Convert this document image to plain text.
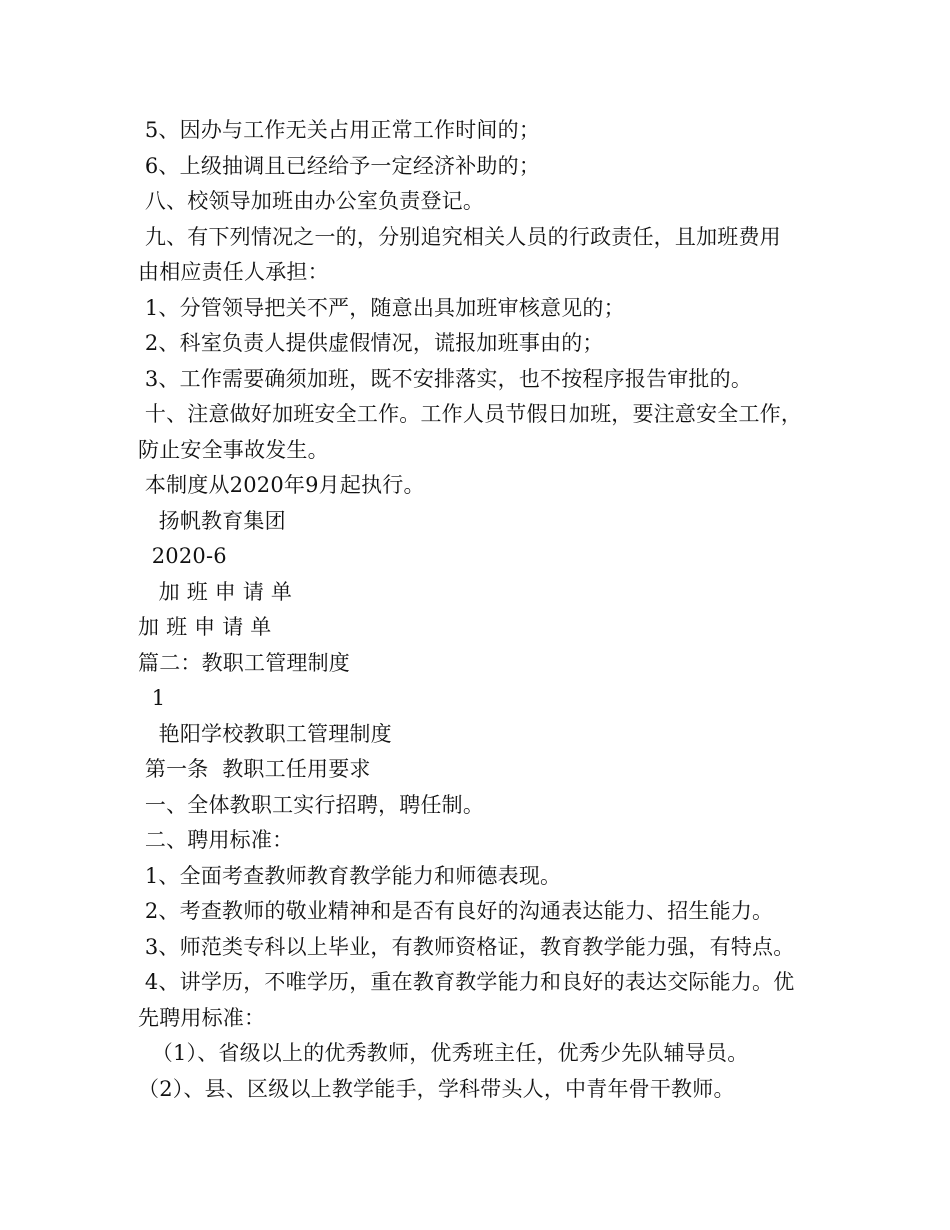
5、因办与工作无关占用正常工作时间的；
6、上级抽调且已经给予一定经济补助的；
八、校领导加班由办公室负责登记。
九、有下列情况之一的，分别追究相关人员的行政责任，且加班费用
由相应责任人承担：
1、分管领导把关不严，随意出具加班审核意见的；
2、科室负责人提供虚假情况，谎报加班事由的；
3、工作需要确须加班，既不安排落实，也不按程序报告审批的。
十、注意做好加班安全工作。工作人员节假日加班，要注意安全工作，
防止安全事故发生。
本制度从2020年9月起执行。
扬帆教育集团
2020-6
加 班 申 请 单
加 班 申 请 单
篇二：教职工管理制度
1
艳阳学校教职工管理制度
第一条  教职工任用要求
一、全体教职工实行招聘，聘任制。
二、聘用标准：
1、全面考查教师教育教学能力和师德表现。
2、考查教师的敬业精神和是否有良好的沟通表达能力、招生能力。
3、师范类专科以上毕业，有教师资格证，教育教学能力强，有特点。
4、讲学历，不唯学历，重在教育教学能力和良好的表达交际能力。优
先聘用标准：
（1）、省级以上的优秀教师，优秀班主任，优秀少先队辅导员。
（2）、县、区级以上教学能手，学科带头人，中青年骨干教师。
